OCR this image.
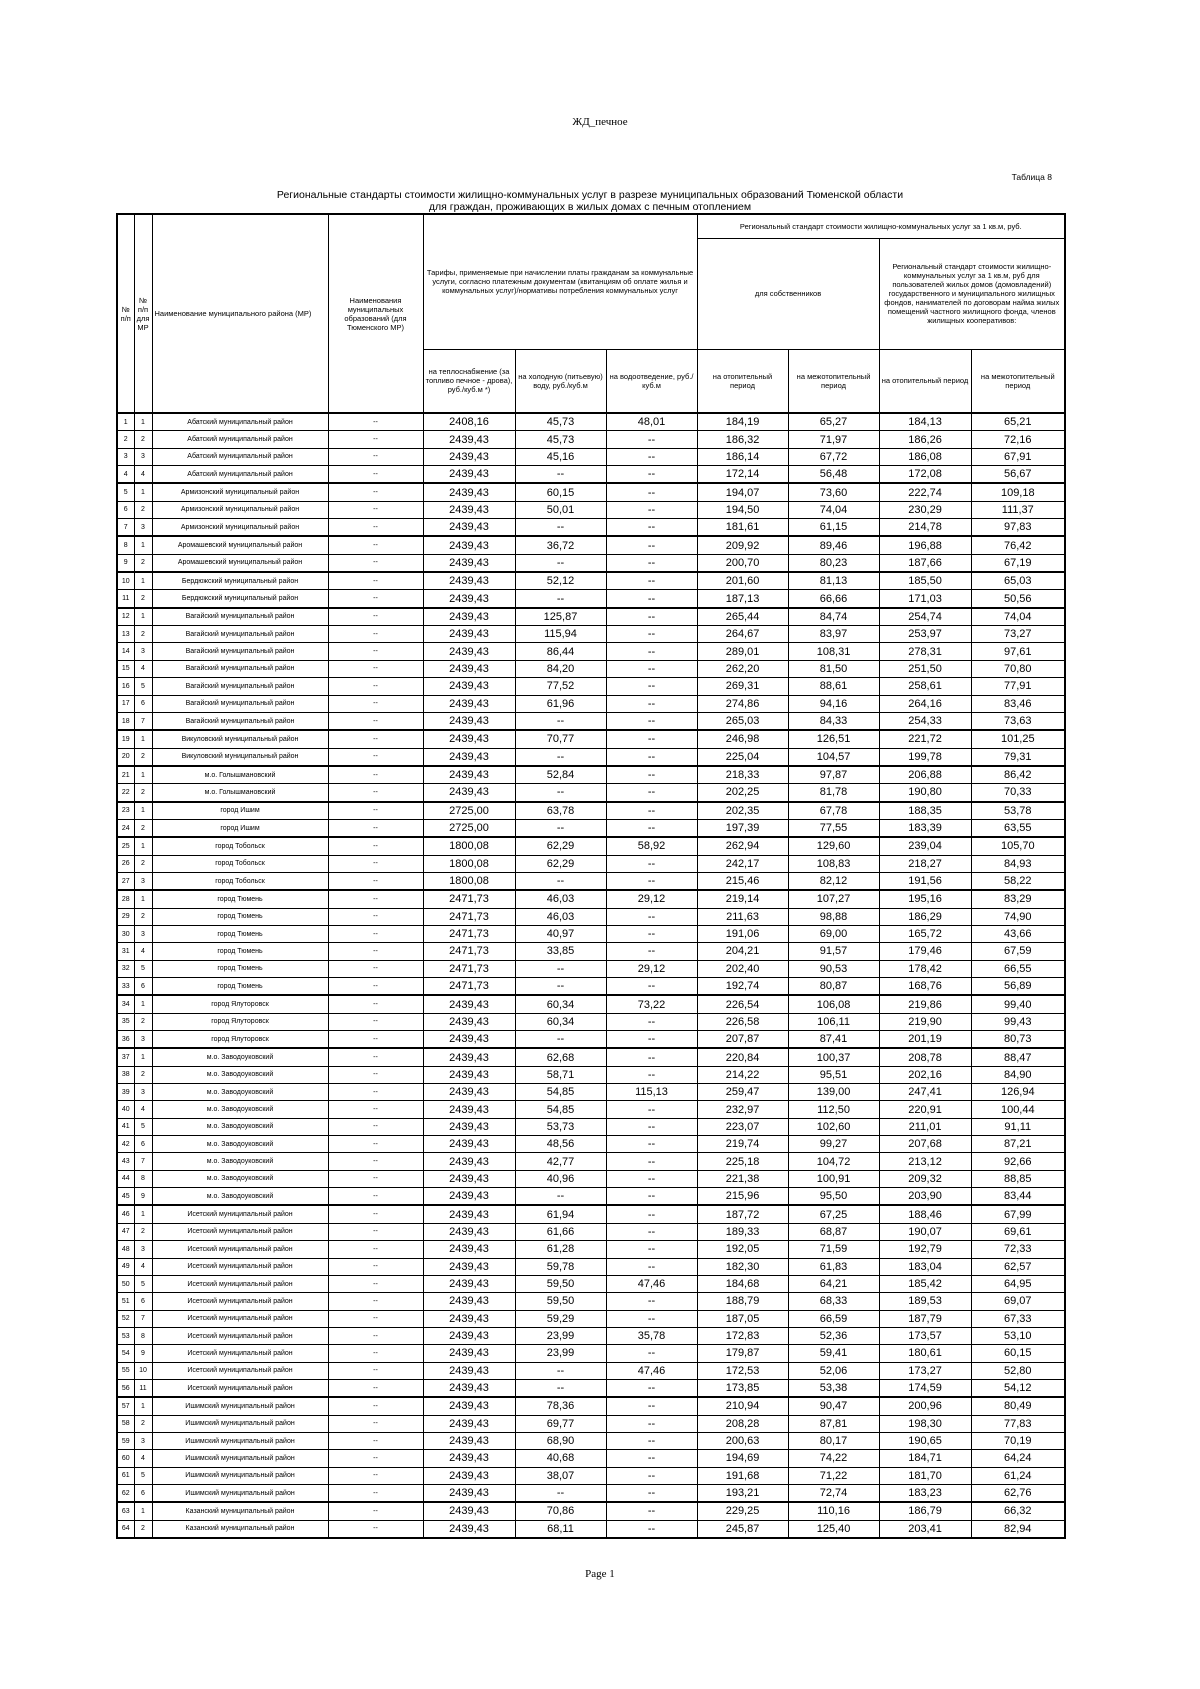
ЖД_печное
Таблица 8
Региональные стандарты стоимости жилищно-коммунальных услуг в разрезе муниципальных образований Тюменской области
для граждан, проживающих в жилых домах с печным отоплением
№ п/п	№ п/п для МР	Наименование муниципального района (МР)	Наименования муниципальных образований (для Тюменского МР)	Тарифы, применяемые при начислении платы гражданам за коммунальные услуги, согласно платежным документам (квитанциям об оплате жилья и коммунальных услуг)/нормативы потребления коммунальных услуг			Региональный стандарт стоимости жилищно-коммунальных услуг за 1 кв.м, руб.			
							для собственников		Региональный стандарт стоимости жилищно-коммунальных услуг за 1 кв.м, руб для пользователей жилых домов (домовладений) государственного и муниципального жилищных фондов, нанимателей по договорам найма жилых помещений частного жилищного фонда, членов жилищных кооперативов:	
				на теплоснабжение (за топливо печное - дрова), руб./куб.м *)	на холодную (питьевую) воду, руб./куб.м	на водоотведение, руб./куб.м	на отопительный период	на межотопительный период	на отопительный период	на межотопительный период
1	1	Абатский муниципальный район	--	2408,16	45,73	48,01	184,19	65,27	184,13	65,21
2	2	Абатский муниципальный район	--	2439,43	45,73	--	186,32	71,97	186,26	72,16
3	3	Абатский муниципальный район	--	2439,43	45,16	--	186,14	67,72	186,08	67,91
4	4	Абатский муниципальный район	--	2439,43	--	--	172,14	56,48	172,08	56,67
5	1	Армизонский муниципальный район	--	2439,43	60,15	--	194,07	73,60	222,74	109,18
6	2	Армизонский муниципальный район	--	2439,43	50,01	--	194,50	74,04	230,29	111,37
7	3	Армизонский муниципальный район	--	2439,43	--	--	181,61	61,15	214,78	97,83
8	1	Аромашевский муниципальный район	--	2439,43	36,72	--	209,92	89,46	196,88	76,42
9	2	Аромашевский муниципальный район	--	2439,43	--	--	200,70	80,23	187,66	67,19
10	1	Бердюжский муниципальный район	--	2439,43	52,12	--	201,60	81,13	185,50	65,03
11	2	Бердюжский муниципальный район	--	2439,43	--	--	187,13	66,66	171,03	50,56
12	1	Вагайский муниципальный район	--	2439,43	125,87	--	265,44	84,74	254,74	74,04
13	2	Вагайский муниципальный район	--	2439,43	115,94	--	264,67	83,97	253,97	73,27
14	3	Вагайский муниципальный район	--	2439,43	86,44	--	289,01	108,31	278,31	97,61
15	4	Вагайский муниципальный район	--	2439,43	84,20	--	262,20	81,50	251,50	70,80
16	5	Вагайский муниципальный район	--	2439,43	77,52	--	269,31	88,61	258,61	77,91
17	6	Вагайский муниципальный район	--	2439,43	61,96	--	274,86	94,16	264,16	83,46
18	7	Вагайский муниципальный район	--	2439,43	--	--	265,03	84,33	254,33	73,63
19	1	Викуловский муниципальный район	--	2439,43	70,77	--	246,98	126,51	221,72	101,25
20	2	Викуловский муниципальный район	--	2439,43	--	--	225,04	104,57	199,78	79,31
21	1	м.о. Голышмановский	--	2439,43	52,84	--	218,33	97,87	206,88	86,42
22	2	м.о. Голышмановский	--	2439,43	--	--	202,25	81,78	190,80	70,33
23	1	город Ишим	--	2725,00	63,78	--	202,35	67,78	188,35	53,78
24	2	город Ишим	--	2725,00	--	--	197,39	77,55	183,39	63,55
25	1	город Тобольск	--	1800,08	62,29	58,92	262,94	129,60	239,04	105,70
26	2	город Тобольск	--	1800,08	62,29	--	242,17	108,83	218,27	84,93
27	3	город Тобольск	--	1800,08	--	--	215,46	82,12	191,56	58,22
28	1	город Тюмень	--	2471,73	46,03	29,12	219,14	107,27	195,16	83,29
29	2	город Тюмень	--	2471,73	46,03	--	211,63	98,88	186,29	74,90
30	3	город Тюмень	--	2471,73	40,97	--	191,06	69,00	165,72	43,66
31	4	город Тюмень	--	2471,73	33,85	--	204,21	91,57	179,46	67,59
32	5	город Тюмень	--	2471,73	--	29,12	202,40	90,53	178,42	66,55
33	6	город Тюмень	--	2471,73	--	--	192,74	80,87	168,76	56,89
34	1	город Ялуторовск	--	2439,43	60,34	73,22	226,54	106,08	219,86	99,40
35	2	город Ялуторовск	--	2439,43	60,34	--	226,58	106,11	219,90	99,43
36	3	город Ялуторовск	--	2439,43	--	--	207,87	87,41	201,19	80,73
37	1	м.о. Заводоуковский	--	2439,43	62,68	--	220,84	100,37	208,78	88,47
38	2	м.о. Заводоуковский	--	2439,43	58,71	--	214,22	95,51	202,16	84,90
39	3	м.о. Заводоуковский	--	2439,43	54,85	115,13	259,47	139,00	247,41	126,94
40	4	м.о. Заводоуковский	--	2439,43	54,85	--	232,97	112,50	220,91	100,44
41	5	м.о. Заводоуковский	--	2439,43	53,73	--	223,07	102,60	211,01	91,11
42	6	м.о. Заводоуковский	--	2439,43	48,56	--	219,74	99,27	207,68	87,21
43	7	м.о. Заводоуковский	--	2439,43	42,77	--	225,18	104,72	213,12	92,66
44	8	м.о. Заводоуковский	--	2439,43	40,96	--	221,38	100,91	209,32	88,85
45	9	м.о. Заводоуковский	--	2439,43	--	--	215,96	95,50	203,90	83,44
46	1	Исетский муниципальный район	--	2439,43	61,94	--	187,72	67,25	188,46	67,99
47	2	Исетский муниципальный район	--	2439,43	61,66	--	189,33	68,87	190,07	69,61
48	3	Исетский муниципальный район	--	2439,43	61,28	--	192,05	71,59	192,79	72,33
49	4	Исетский муниципальный район	--	2439,43	59,78	--	182,30	61,83	183,04	62,57
50	5	Исетский муниципальный район	--	2439,43	59,50	47,46	184,68	64,21	185,42	64,95
51	6	Исетский муниципальный район	--	2439,43	59,50	--	188,79	68,33	189,53	69,07
52	7	Исетский муниципальный район	--	2439,43	59,29	--	187,05	66,59	187,79	67,33
53	8	Исетский муниципальный район	--	2439,43	23,99	35,78	172,83	52,36	173,57	53,10
54	9	Исетский муниципальный район	--	2439,43	23,99	--	179,87	59,41	180,61	60,15
55	10	Исетский муниципальный район	--	2439,43	--	47,46	172,53	52,06	173,27	52,80
56	11	Исетский муниципальный район	--	2439,43	--	--	173,85	53,38	174,59	54,12
57	1	Ишимский муниципальный район	--	2439,43	78,36	--	210,94	90,47	200,96	80,49
58	2	Ишимский муниципальный район	--	2439,43	69,77	--	208,28	87,81	198,30	77,83
59	3	Ишимский муниципальный район	--	2439,43	68,90	--	200,63	80,17	190,65	70,19
60	4	Ишимский муниципальный район	--	2439,43	40,68	--	194,69	74,22	184,71	64,24
61	5	Ишимский муниципальный район	--	2439,43	38,07	--	191,68	71,22	181,70	61,24
62	6	Ишимский муниципальный район	--	2439,43	--	--	193,21	72,74	183,23	62,76
63	1	Казанский муниципальный район	--	2439,43	70,86	--	229,25	110,16	186,79	66,32
64	2	Казанский муниципальный район	--	2439,43	68,11	--	245,87	125,40	203,41	82,94
Page 1
